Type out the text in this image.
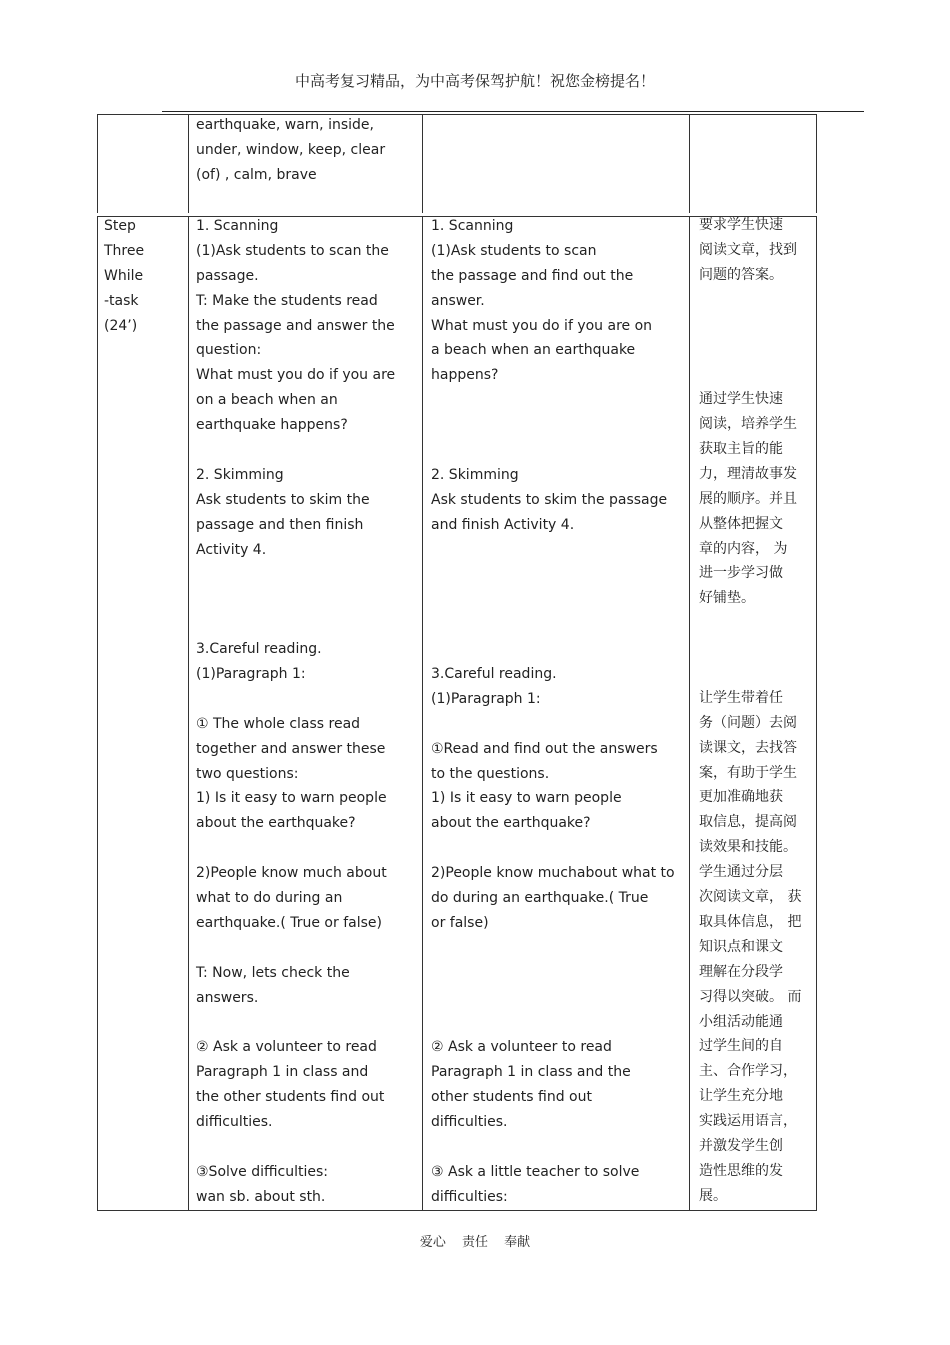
中高考复习精品，为中高考保驾护航！祝您金榜提名！
earthquake, warn, inside,
under, window, keep, clear
(of) , calm, brave
Step
Three
While
-task
(24’)
1. Scanning
(1)Ask students to scan the
passage.
T: Make the students read
the passage and answer the
question:
What must you do if you are
on a beach when an
earthquake happens?
2. Skimming
Ask students to skim the
passage and then finish
Activity 4.
3.Careful reading.
(1)Paragraph 1:
① The whole class read
together and answer these
two questions:
1) Is it easy to warn people
about the earthquake?
2)People know much about
what to do during an
earthquake.( True or false)
T: Now, lets check the
answers.
② Ask a volunteer to read
Paragraph 1 in class and
the other students find out
difficulties.
③Solve difficulties:
wan sb. about sth.
1. Scanning
(1)Ask students to scan
the passage and find out the
answer.
What must you do if you are on
a beach when an earthquake
happens?
2. Skimming
Ask students to skim the passage
and finish Activity 4.
3.Careful reading.
(1)Paragraph 1:
①Read and find out the answers
to the questions.
1) Is it easy to warn people
about the earthquake?
2)People know muchabout what to
do during an earthquake.( True
or false)
② Ask a volunteer to read
Paragraph 1 in class and the
other students find out
difficulties.
③ Ask a little teacher to solve
difficulties:
要求学生快速
阅读文章，找到
问题的答案。
通过学生快速
阅读，培养学生
获取主旨的能
力，理清故事发
展的顺序。并且
从整体把握文
章的内容， 为
进一步学习做
好铺垫。
让学生带着任
务（问题）去阅
读课文，去找答
案，有助于学生
更加准确地获
取信息，提高阅
读效果和技能。
学生通过分层
次阅读文章， 获
取具体信息， 把
知识点和课文
理解在分段学
习得以突破。 而
小组活动能通
过学生间的自
主、合作学习，
让学生充分地
实践运用语言，
并激发学生创
造性思维的发
展。
爱心 责任 奉献
